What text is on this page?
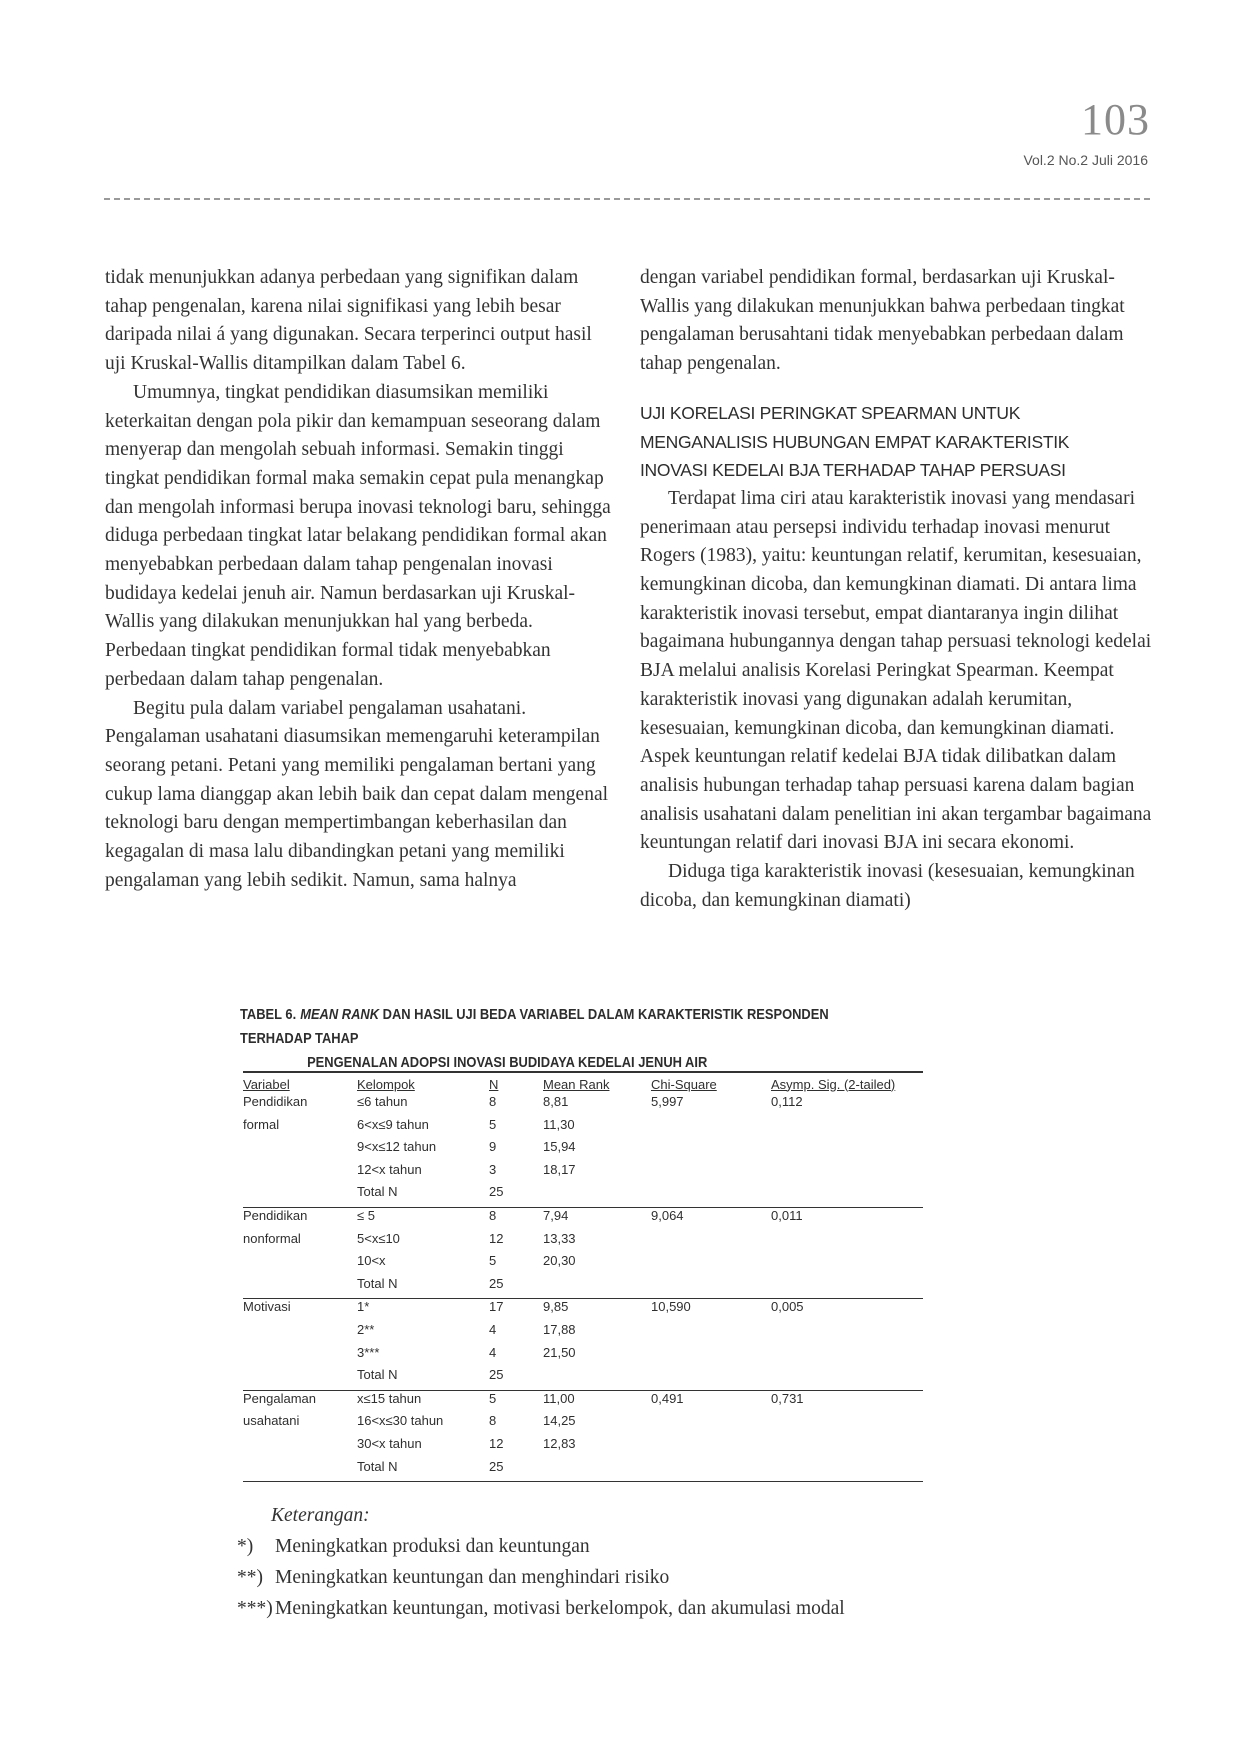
103
Vol.2 No.2 Juli 2016

tidak menunjukkan adanya perbedaan yang signifikan dalam tahap pengenalan, karena nilai signifikasi yang lebih besar daripada nilai á yang digunakan. Secara terperinci output hasil uji Kruskal-Wallis ditampilkan dalam Tabel 6.

Umumnya, tingkat pendidikan diasumsikan memiliki keterkaitan dengan pola pikir dan kemampuan seseorang dalam menyerap dan mengolah sebuah informasi. Semakin tinggi tingkat pendidikan formal maka semakin cepat pula menangkap dan mengolah informasi berupa inovasi teknologi baru, sehingga diduga perbedaan tingkat latar belakang pendidikan formal akan menyebabkan perbedaan dalam tahap pengenalan inovasi budidaya kedelai jenuh air. Namun berdasarkan uji Kruskal-Wallis yang dilakukan menunjukkan hal yang berbeda. Perbedaan tingkat pendidikan formal tidak menyebabkan perbedaan dalam tahap pengenalan.

Begitu pula dalam variabel pengalaman usahatani. Pengalaman usahatani diasumsikan memengaruhi keterampilan seorang petani. Petani yang memiliki pengalaman bertani yang cukup lama dianggap akan lebih baik dan cepat dalam mengenal teknologi baru dengan mempertimbangan keberhasilan dan kegagalan di masa lalu dibandingkan petani yang memiliki pengalaman yang lebih sedikit. Namun, sama halnya

dengan variabel pendidikan formal, berdasarkan uji Kruskal-Wallis yang dilakukan menunjukkan bahwa perbedaan tingkat pengalaman berusahtani tidak menyebabkan perbedaan dalam tahap pengenalan.

UJI KORELASI PERINGKAT SPEARMAN UNTUK
MENGANALISIS HUBUNGAN EMPAT KARAKTERISTIK
INOVASI KEDELAI BJA TERHADAP TAHAP PERSUASI

Terdapat lima ciri atau karakteristik inovasi yang mendasari penerimaan atau persepsi individu terhadap inovasi menurut Rogers (1983), yaitu: keuntungan relatif, kerumitan, kesesuaian, kemungkinan dicoba, dan kemungkinan diamati. Di antara lima karakteristik inovasi tersebut, empat diantaranya ingin dilihat bagaimana hubungannya dengan tahap persuasi teknologi kedelai BJA melalui analisis Korelasi Peringkat Spearman. Keempat karakteristik inovasi yang digunakan adalah kerumitan, kesesuaian, kemungkinan dicoba, dan kemungkinan diamati. Aspek keuntungan relatif kedelai BJA tidak dilibatkan dalam analisis hubungan terhadap tahap persuasi karena dalam bagian analisis usahatani dalam penelitian ini akan tergambar bagaimana keuntungan relatif dari inovasi BJA ini secara ekonomi.

Diduga tiga karakteristik inovasi (kesesuaian, kemungkinan dicoba, dan kemungkinan diamati)

TABEL 6. MEAN RANK DAN HASIL UJI BEDA VARIABEL DALAM KARAKTERISTIK RESPONDEN TERHADAP TAHAP
PENGENALAN ADOPSI INOVASI BUDIDAYA KEDELAI JENUH AIR
Variabel	Kelompok	N	Mean Rank	Chi-Square	Asymp. Sig. (2-tailed)
Pendidikan	≤6 tahun	8	8,81	5,997	0,112
formal	6<x≤9 tahun	5	11,30		
	9<x≤12 tahun	9	15,94		
	12<x tahun	3	18,17		
	Total N	25			
Pendidikan	≤ 5	8	7,94	9,064	0,011
nonformal	5<x≤10	12	13,33		
	10<x	5	20,30		
	Total N	25			
Motivasi	1*	17	9,85	10,590	0,005
	2**	4	17,88		
	3***	4	21,50		
	Total N	25			
Pengalaman	x≤15 tahun	5	11,00	0,491	0,731
usahatani	16<x≤30 tahun	8	14,25		
	30<x tahun	12	12,83		
	Total N	25			
Keterangan:
*) Meningkatkan produksi dan keuntungan
**) Meningkatkan keuntungan dan menghindari risiko
***) Meningkatkan keuntungan, motivasi berkelompok, dan akumulasi modal
